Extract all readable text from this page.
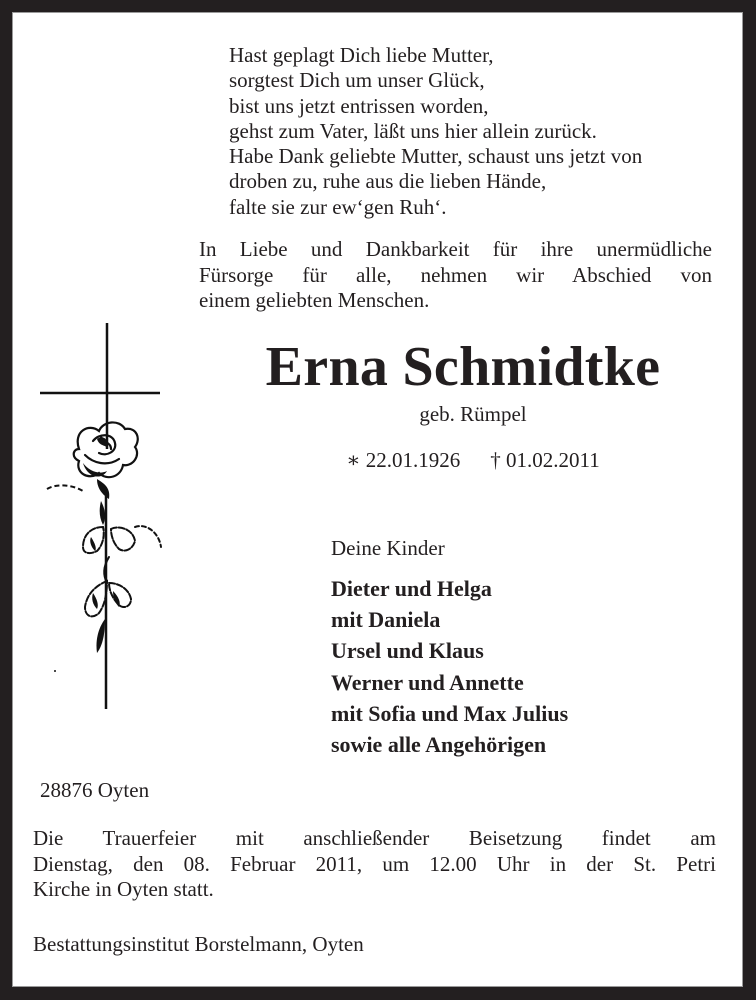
Hast geplagt Dich liebe Mutter,
sorgtest Dich um unser Glück,
bist uns jetzt entrissen worden,
gehst zum Vater, läßt uns hier allein zurück.
Habe Dank geliebte Mutter, schaust uns jetzt von
droben zu, ruhe aus die lieben Hände,
falte sie zur ew‘gen Ruh‘.
In Liebe und Dankbarkeit für ihre unermüdliche
Fürsorge für alle, nehmen wir Abschied von
einem geliebten Menschen.
Erna Schmidtke
geb. Rümpel
∗ 22.01.1926 † 01.02.2011
Deine Kinder
Dieter und Helga
mit Daniela
Ursel und Klaus
Werner und Annette
mit Sofia und Max Julius
sowie alle Angehörigen
28876 Oyten
Die Trauerfeier mit anschließender Beisetzung findet am
Dienstag, den 08. Februar 2011, um 12.00 Uhr in der St. Petri
Kirche in Oyten statt.
Bestattungsinstitut Borstelmann, Oyten
